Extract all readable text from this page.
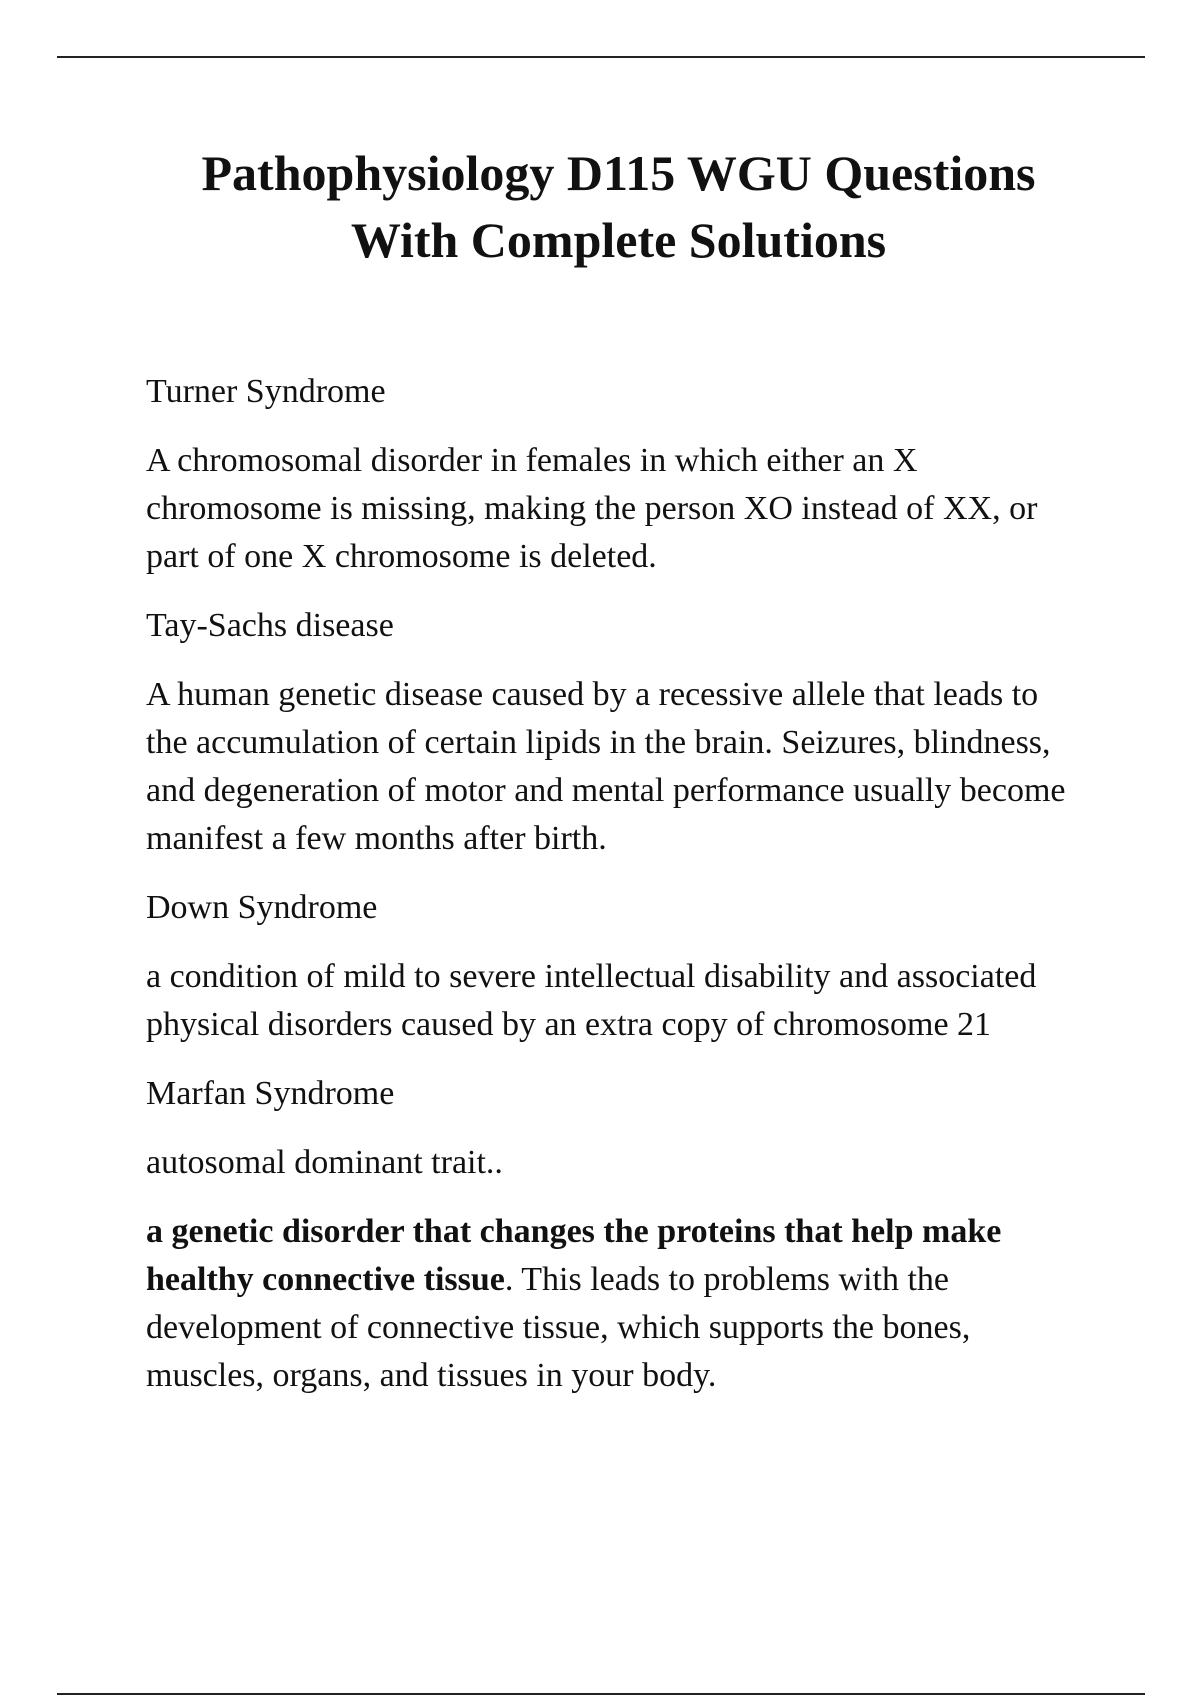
Pathophysiology D115 WGU Questions
With Complete Solutions

Turner Syndrome

A chromosomal disorder in females in which either an X chromosome is missing, making the person XO instead of XX, or part of one X chromosome is deleted.

Tay-Sachs disease

A human genetic disease caused by a recessive allele that leads to the accumulation of certain lipids in the brain. Seizures, blindness, and degeneration of motor and mental performance usually become manifest a few months after birth.

Down Syndrome

a condition of mild to severe intellectual disability and associated physical disorders caused by an extra copy of chromosome 21

Marfan Syndrome

autosomal dominant trait..

a genetic disorder that changes the proteins that help make healthy connective tissue. This leads to problems with the development of connective tissue, which supports the bones, muscles, organs, and tissues in your body.
